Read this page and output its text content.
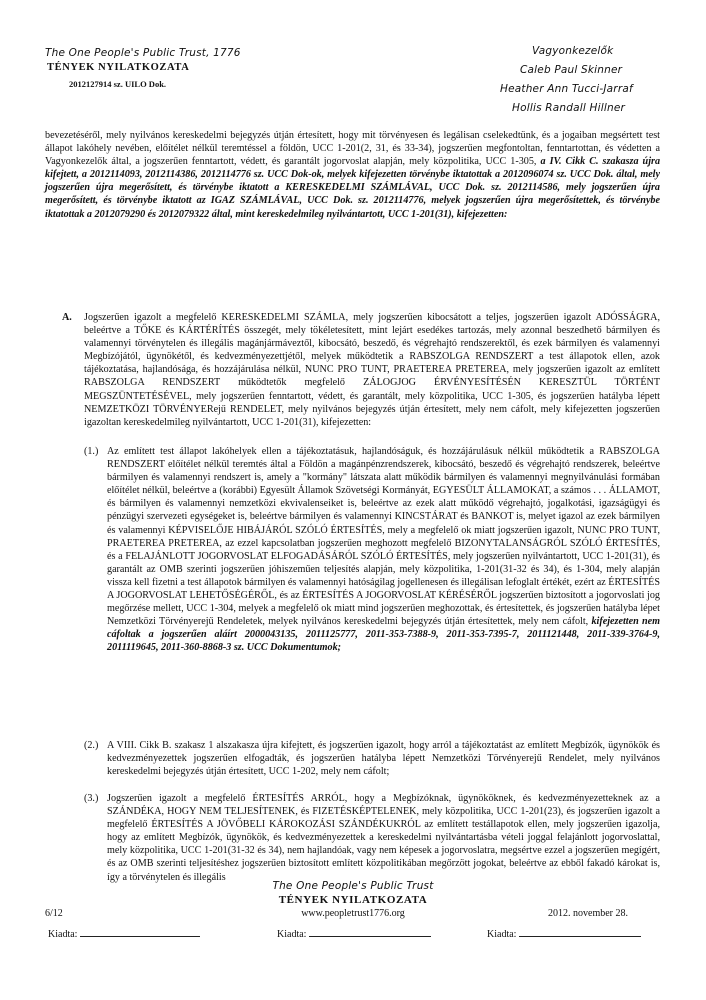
The One People's Public Trust, 1776
TÉNYEK NYILATKOZATA
2012127914 sz. UILO Dok.
Vagyonkezelők
Caleb Paul Skinner
Heather Ann Tucci-Jarraf
Hollis Randall Hillner
bevezetéséről, mely nyilvános kereskedelmi bejegyzés útján értesített, hogy mit törvényesen és legálisan cselekedtünk, és a jogaiban megsértett test állapot lakóhely nevében, előítélet nélkül teremtéssel a földön, UCC 1-201(2, 31, és 33-34), jogszerűen megfontoltan, fenntartottan, és védetten a Vagyonkezelők által, a jogszerűen fenntartott, védett, és garantált jogorvoslat alapján, mely közpolitika, UCC 1-305, a IV. Cikk C. szakasza újra kifejtett, a 2012114093, 2012114386, 2012114776 sz. UCC Dok-ok, melyek kifejezetten törvénybe iktatottak a 2012096074 sz. UCC Dok. által, mely jogszerűen újra megerősített, és törvénybe iktatott a KERESKEDELMI SZÁMLÁVAL, UCC Dok. sz. 2012114586, mely jogszerűen újra megerősített, és törvénybe iktatott az IGAZ SZÁMLÁVAL, UCC Dok. sz. 2012114776, melyek jogszerűen újra megerősítettek, és törvénybe iktatottak a 2012079290 és 2012079322 által, mint kereskedelmileg nyilvántartott, UCC 1-201(31), kifejezetten:
A. Jogszerűen igazolt a megfelelő KERESKEDELMI SZÁMLA, mely jogszerűen kibocsátott a teljes, jogszerűen igazolt ADÓSSÁGRA, beleértve a TŐKE és KÁRTÉRÍTÉS összegét, mely tökéletesített, mint lejárt esedékes tartozás, mely azonnal beszedhető bármilyen és valamennyi törvénytelen és illegális magánjármáveztől, kibocsátó, beszedő, és végrehajtó rendszerektől, és ezek bármilyen és valamennyi Megbízójától, ügynökétől, és kedvezményezettjétől, melyek működtetik a RABSZOLGA RENDSZERT a test állapotok ellen, azok tájékoztatása, hajlandósága, és hozzájárulása nélkül, NUNC PRO TUNT, PRAETEREA PRETEREA, mely jogszerűen igazolt az említett RABSZOLGA RENDSZERT működtetők megfelelő ZÁLOGJOG ÉRVÉNYESÍTÉSÉN KERESZTÜL TÖRTÉNT MEGSZÜNTETÉSÉVEL, mely jogszerűen fenntartott, védett, és garantált, mely közpolitika, UCC 1-305, és jogszerűen hatályba lépett NEMZETKÖZI TÖRVÉNYERejű RENDELET, mely nyilvános bejegyzés útján értesített, mely nem cáfolt, mely kifejezetten jogszerűen igazoltan kereskedelmileg nyilvántartott, UCC 1-201(31), kifejezetten:
(1.) Az említett test állapot lakóhelyek ellen a tájékoztatásuk, hajlandóságuk, és hozzájárulásuk nélkül működtetik a RABSZOLGA RENDSZERT előítélet nélkül teremtés által a Földön a magánpénzrendszerek, kibocsátó, beszedő és végrehajtó rendszerek, beleértve bármilyen és valamennyi rendszert is, amely a "kormány" látszata alatt működik bármilyen és valamennyi megnyilvánulási formában előítélet nélkül, beleértve a (korábbi) Egyesült Államok Szövetségi Kormányát, EGYESÜLT ÁLLAMOKAT, a számos . . . ÁLLAMOT, és bármilyen és valamennyi nemzetközi ekvivalenseiket is, beleértve az ezek alatt működő végrehajtó, jogalkotási, igazságügyi és pénzügyi szervezeti egységeket is, beleértve bármilyen és valamennyi KINCSTÁRAT és BANKOT is, melyet igazol az ezek bármilyen és valamennyi KÉPVISELŐJE HIBÁJÁRÓL SZÓLÓ ÉRTESÍTÉS, mely a megfelelő ok miatt jogszerűen igazolt, NUNC PRO TUNT, PRAETEREA PRETEREA, az ezzel kapcsolatban jogszerűen meghozott megfelelő BIZONYTALANSÁGRÓL SZÓLÓ ÉRTESÍTÉS, és a FELAJÁNLOTT JOGORVOSLAT ELFOGADÁSÁRÓL SZÓLÓ ÉRTESÍTÉS, mely jogszerűen nyilvántartott, UCC 1-201(31), és garantált az OMB szerinti jogszerűen jóhiszeműen teljesítés alapján, mely közpolitika, 1-201(31-32 és 34), és 1-304, mely alapján vissza kell fizetni a test állapotok bármilyen és valamennyi hatóságilag jogellenesen és illegálisan lefoglalt értékét, ezért az ÉRTESÍTÉS A JOGORVOSLAT LEHETŐSÉGÉRŐL, és az ÉRTESÍTÉS A JOGORVOSLAT KÉRÉSÉRŐL jogszerűen biztosított a jogorvoslati jog megőrzése mellett, UCC 1-304, melyek a megfelelő ok miatt mind jogszerűen meghozottak, és értesítettek, és jogszerűen hatályba lépet Nemzetközi Törvényerejű Rendeletek, melyek nyilvános kereskedelmi bejegyzés útján értesítettek, mely nem cáfolt, kifejezetten nem cáfoltak a jogszerűen aláírt 2000043135, 2011125777, 2011-353-7388-9, 2011-353-7395-7, 2011121448, 2011-339-3764-9, 2011119645, 2011-360-8868-3 sz. UCC Dokumentumok;
(2.) A VIII. Cikk B. szakasz 1 alszakasza újra kifejtett, és jogszerűen igazolt, hogy arról a tájékoztatást az említett Megbízók, ügynökök és kedvezményezettek jogszerűen elfogadták, és jogszerűen hatályba lépett Nemzetközi Törvényerejű Rendelet, mely nyilvános kereskedelmi bejegyzés útján értesített, UCC 1-202, mely nem cáfolt;
(3.) Jogszerűen igazolt a megfelelő ÉRTESÍTÉS ARRÓL, hogy a Megbízóknak, ügynököknek, és kedvezményezetteknek az a SZÁNDÉKA, HOGY NEM TELJESÍTENEK, és FIZETÉSKÉPTELENEK, mely közpolitika, UCC 1-201(23), és jogszerűen igazolt a megfelelő ÉRTESÍTÉS A JÖVŐBELI KÁROKOZÁSI SZÁNDÉKUKRÓL az említett testállapotok ellen, mely jogszerűen igazolja, hogy az említett Megbízók, ügynökök, és kedvezményezettek a kereskedelmi nyilvántartásba vételi joggal felajánlott jogorvoslattal, mely közpolitika, UCC 1-201(31-32 és 34), nem hajlandóak, vagy nem képesek a jogorvoslatra, megsértve ezzel a jogszerűen megígért, és az OMB szerinti teljesítéshez jogszerűen biztosított említett közpolitikában megőrzött jogokat, beleértve az ebből fakadó károkat is, így a törvénytelen és illegális
The One People's Public Trust
TÉNYEK NYILATKOZATA
www.peopletrust1776.org
6/12	2012. november 28.
Kiadta:	Kiadta:	Kiadta:
